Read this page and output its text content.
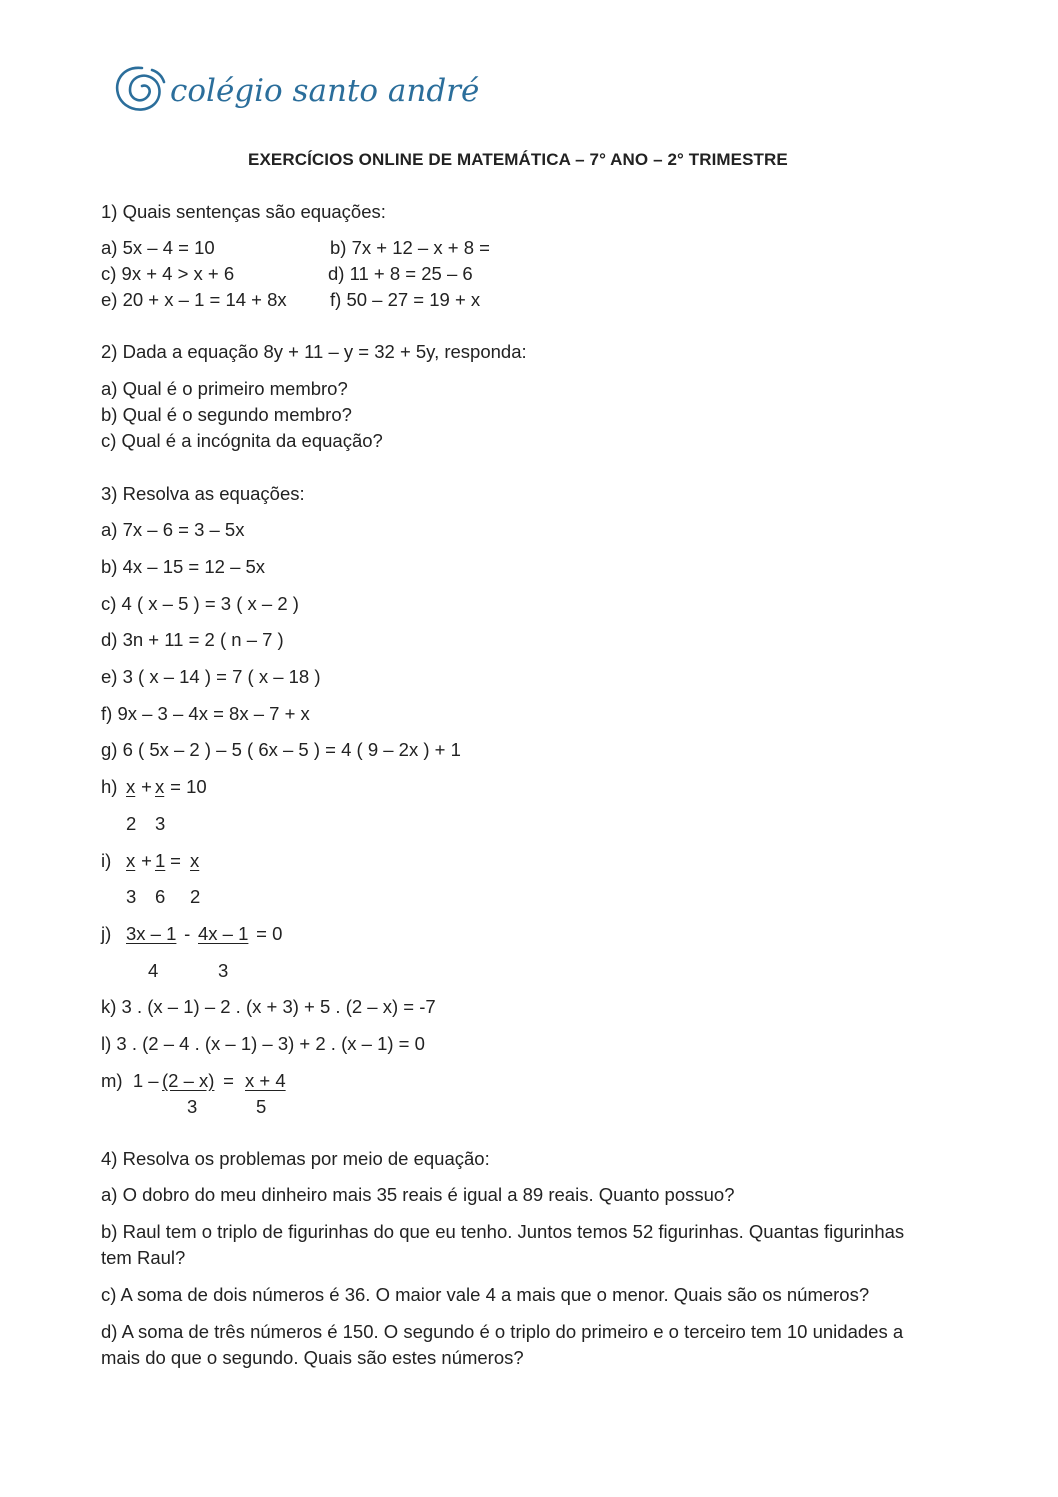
colégio santo andré
EXERCÍCIOS ONLINE DE MATEMÁTICA – 7° ANO – 2° TRIMESTRE
1) Quais sentenças são equações:
a) 5x – 4 = 10	b) 7x + 12 – x + 8 =
c) 9x + 4 > x + 6	d) 11 + 8 = 25 – 6
e) 20 + x – 1 = 14 + 8x f) 50 – 27 = 19 + x
2) Dada a equação 8y + 11 – y = 32 + 5y, responda:
a) Qual é o primeiro membro?
b) Qual é o segundo membro?
c) Qual é a incógnita da equação?
3) Resolva as equações:
a) 7x – 6 = 3 – 5x
b) 4x – 15 = 12 – 5x
c) 4 ( x – 5 ) = 3 ( x – 2 )
d) 3n + 11 = 2 ( n – 7 )
e) 3 ( x – 14 ) = 7 ( x – 18 )
f) 9x – 3 – 4x = 8x – 7 + x
g) 6 ( 5x – 2 ) – 5 ( 6x – 5 ) = 4 ( 9 – 2x ) + 1
h) x +
x = 10
2 3
i) x +
1 = x
3 6 2
j) 3x – 1 - 4x – 1 = 0
4	3
k) 3 . (x – 1) – 2 . (x + 3) + 5 . (2 – x) = -7
l) 3 . (2 – 4 . (x – 1) – 3) + 2 . (x – 1) = 0
m)  1 –
(2 – x) = x + 4
3	5
4) Resolva os problemas por meio de equação:
a) O dobro do meu dinheiro mais 35 reais é igual a 89 reais. Quanto possuo?
b) Raul tem o triplo de figurinhas do que eu tenho. Juntos temos 52 figurinhas. Quantas figurinhas
tem Raul?
c) A soma de dois números é 36. O maior vale 4 a mais que o menor. Quais são os números?
d) A soma de três números é 150. O segundo é o triplo do primeiro e o terceiro tem 10 unidades a
mais do que o segundo. Quais são estes números?
